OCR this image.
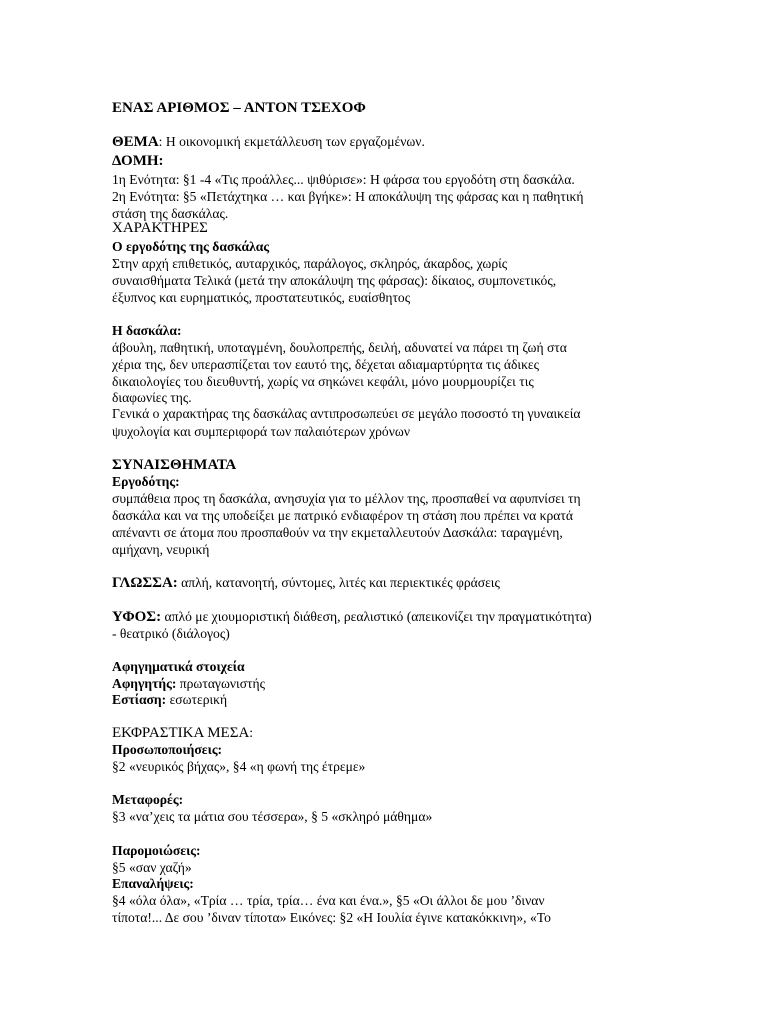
ΕΝΑΣ ΑΡΙΘΜΟΣ – ΑΝΤΟΝ ΤΣΕΧΟΦ
ΘΕΜΑ: Η οικονομική εκμετάλλευση των εργαζομένων.
ΔΟΜΗ:
1η Ενότητα: §1 -4 «Τις προάλλες... ψιθύρισε»: Η φάρσα του εργοδότη στη δασκάλα.
2η Ενότητα: §5 «Πετάχτηκα … και βγήκε»: Η αποκάλυψη της φάρσας και η παθητική
στάση της δασκάλας.
ΧΑΡΑΚΤΗΡΕΣ
Ο εργοδότης της δασκάλας
Στην αρχή επιθετικός, αυταρχικός, παράλογος, σκληρός, άκαρδος, χωρίς
συναισθήματα Τελικά (μετά την αποκάλυψη της φάρσας): δίκαιος, συμπονετικός,
έξυπνος και ευρηματικός, προστατευτικός, ευαίσθητος
Η δασκάλα:
άβουλη, παθητική, υποταγμένη, δουλοπρεπής, δειλή, αδυνατεί να πάρει τη ζωή στα
χέρια της, δεν υπερασπίζεται τον εαυτό της, δέχεται αδιαμαρτύρητα τις άδικες
δικαιολογίες του διευθυντή, χωρίς να σηκώνει κεφάλι, μόνο μουρμουρίζει τις
διαφωνίες της.
Γενικά ο χαρακτήρας της δασκάλας αντιπροσωπεύει σε μεγάλο ποσοστό τη γυναικεία
ψυχολογία και συμπεριφορά των παλαιότερων χρόνων
ΣΥΝΑΙΣΘΗΜΑΤΑ
Εργοδότης:
συμπάθεια προς τη δασκάλα, ανησυχία για το μέλλον της, προσπαθεί να αφυπνίσει τη
δασκάλα και να της υποδείξει με πατρικό ενδιαφέρον τη στάση που πρέπει να κρατά
απέναντι σε άτομα που προσπαθούν να την εκμεταλλευτούν Δασκάλα: ταραγμένη,
αμήχανη, νευρική
ΓΛΩΣΣΑ: απλή, κατανοητή, σύντομες, λιτές και περιεκτικές φράσεις
ΥΦΟΣ: απλό με χιουμοριστική διάθεση, ρεαλιστικό (απεικονίζει την πραγματικότητα)
- θεατρικό (διάλογος)
Αφηγηματικά στοιχεία
Αφηγητής: πρωταγωνιστής
Εστίαση: εσωτερική
ΕΚΦΡΑΣΤΙΚΑ ΜΕΣΑ:
Προσωποποιήσεις:
§2 «νευρικός βήχας», §4 «η φωνή της έτρεμε»
Μεταφορές:
§3 «να’χεις τα μάτια σου τέσσερα», § 5 «σκληρό μάθημα»
Παρομοιώσεις:
§5 «σαν χαζή»
Επαναλήψεις:
§4 «όλα όλα», «Τρία … τρία, τρία… ένα και ένα.», §5 «Οι άλλοι δε μου ’διναν
τίποτα!... Δε σου ’διναν τίποτα» Εικόνες: §2 «Η Ιουλία έγινε κατακόκκινη», «Το
